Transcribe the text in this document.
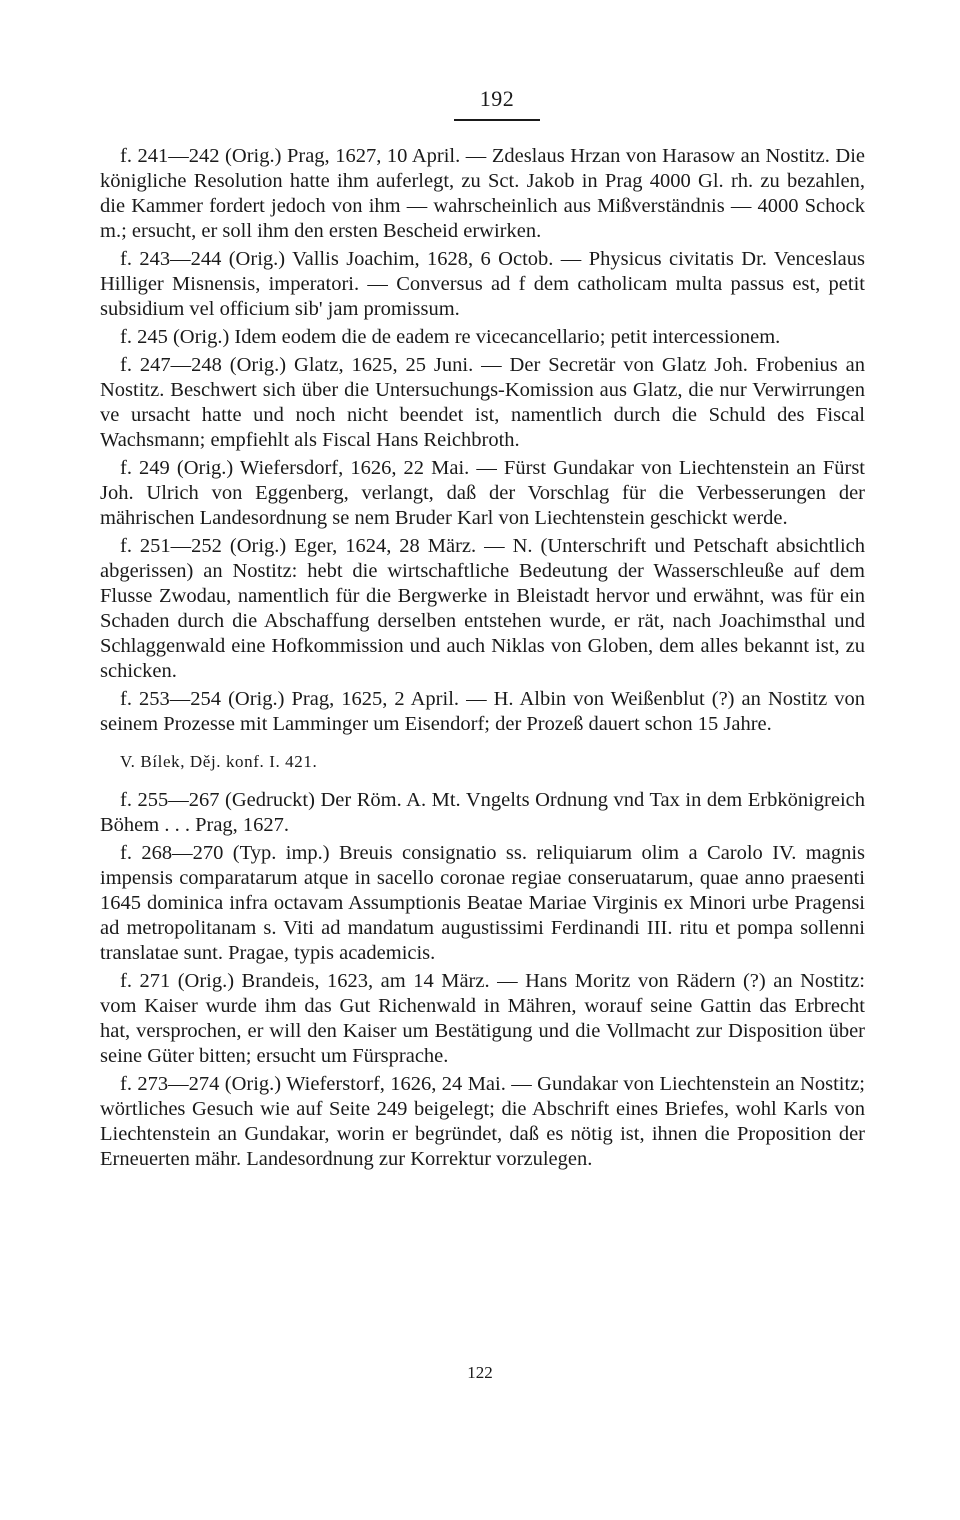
192

f. 241—242 (Orig.) Prag, 1627, 10 April. — Zdeslaus Hrzan von Harasow an Nostitz. Die königliche Resolution hatte ihm auferlegt, zu Sct. Jakob in Prag 4000 Gl. rh. zu bezahlen, die Kammer fordert jedoch von ihm — wahrscheinlich aus Mißverständnis — 4000 Schock m.; ersucht, er soll ihm den ersten Bescheid erwirken.

f. 243—244 (Orig.) Vallis Joachim, 1628, 6 Octob. — Physicus civitatis Dr. Venceslaus Hilliger Misnensis, imperatori. — Conversus ad f dem catholicam multa passus est, petit subsidium vel officium sib' jam promissum.

f. 245 (Orig.) Idem eodem die de eadem re vicecancellario; petit intercessionem.

f. 247—248 (Orig.) Glatz, 1625, 25 Juni. — Der Secretär von Glatz Joh. Frobenius an Nostitz. Beschwert sich über die Untersuchungs-Komission aus Glatz, die nur Verwirrungen ve ursacht hatte und noch nicht beendet ist, namentlich durch die Schuld des Fiscal Wachsmann; empfiehlt als Fiscal Hans Reichbroth.

f. 249 (Orig.) Wiefersdorf, 1626, 22 Mai. — Fürst Gundakar von Liechtenstein an Fürst Joh. Ulrich von Eggenberg, verlangt, daß der Vorschlag für die Verbesserungen der mährischen Landesordnung se nem Bruder Karl von Liechtenstein geschickt werde.

f. 251—252 (Orig.) Eger, 1624, 28 März. — N. (Unterschrift und Petschaft absichtlich abgerissen) an Nostitz: hebt die wirtschaftliche Bedeutung der Wasserschleuße auf dem Flusse Zwodau, namentlich für die Bergwerke in Bleistadt hervor und erwähnt, was für ein Schaden durch die Abschaffung derselben entstehen wurde, er rät, nach Joachimsthal und Schlaggenwald eine Hofkommission und auch Niklas von Globen, dem alles bekannt ist, zu schicken.

f. 253—254 (Orig.) Prag, 1625, 2 April. — H. Albin von Weißenblut (?) an Nostitz von seinem Prozesse mit Lamminger um Eisendorf; der Prozeß dauert schon 15 Jahre.

V. Bílek, Děj. konf. I. 421.

f. 255—267 (Gedruckt) Der Röm. A. Mt. Vngelts Ordnung vnd Tax in dem Erbkönigreich Böhem . . . Prag, 1627.

f. 268—270 (Typ. imp.) Breuis consignatio ss. reliquiarum olim a Carolo IV. magnis impensis comparatarum atque in sacello coronae regiae conseruatarum, quae anno praesenti 1645 dominica infra octavam Assumptionis Beatae Mariae Virginis ex Minori urbe Pragensi ad metropolitanam s. Viti ad mandatum augustissimi Ferdinandi III. ritu et pompa sollenni translatae sunt. Pragae, typis academicis.

f. 271 (Orig.) Brandeis, 1623, am 14 März. — Hans Moritz von Rädern (?) an Nostitz: vom Kaiser wurde ihm das Gut Richenwald in Mähren, worauf seine Gattin das Erbrecht hat, versprochen, er will den Kaiser um Bestätigung und die Vollmacht zur Disposition über seine Güter bitten; ersucht um Fürsprache.

f. 273—274 (Orig.) Wieferstorf, 1626, 24 Mai. — Gundakar von Liechtenstein an Nostitz; wörtliches Gesuch wie auf Seite 249 beigelegt; die Abschrift eines Briefes, wohl Karls von Liechtenstein an Gundakar, worin er begründet, daß es nötig ist, ihnen die Proposition der Erneuerten mähr. Landesordnung zur Korrektur vorzulegen.

122
